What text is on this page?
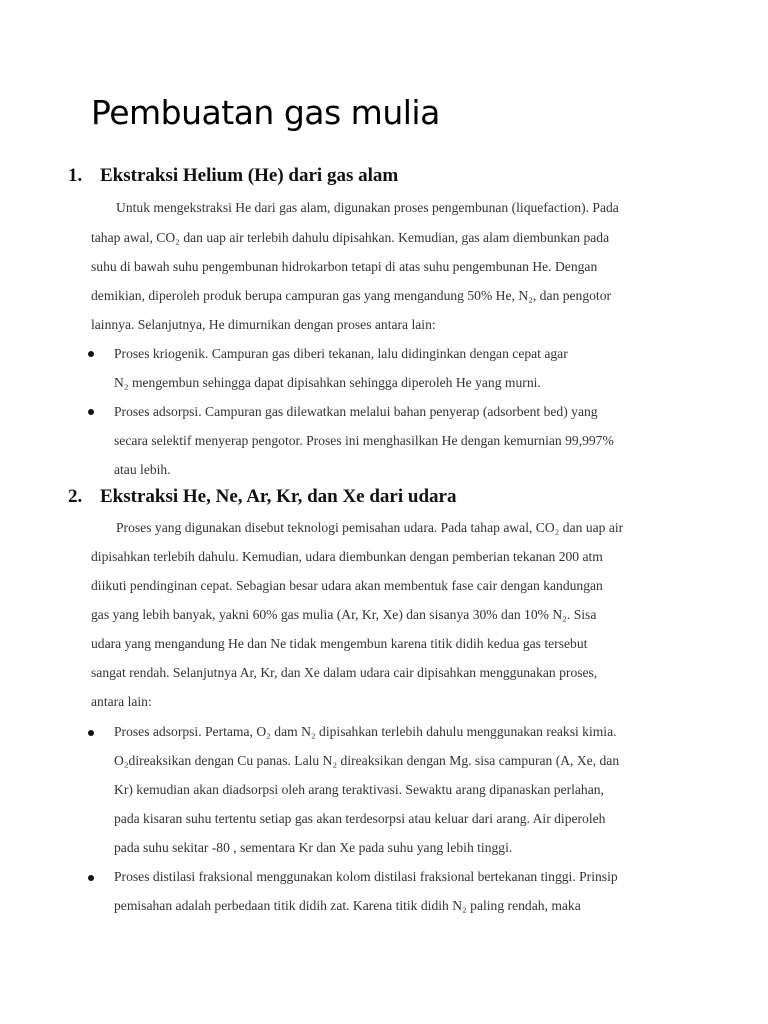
Pembuatan gas mulia
1. Ekstraksi Helium (He) dari gas alam
Untuk mengekstraksi He dari gas alam, digunakan proses pengembunan (liquefaction). Pada
tahap awal, CO₂ dan uap air terlebih dahulu dipisahkan. Kemudian, gas alam diembunkan pada
suhu di bawah suhu pengembunan hidrokarbon tetapi di atas suhu pengembunan He. Dengan
demikian, diperoleh produk berupa campuran gas yang mengandung 50% He, N₂, dan pengotor
lainnya. Selanjutnya, He dimurnikan dengan proses antara lain:
Proses kriogenik. Campuran gas diberi tekanan, lalu didinginkan dengan cepat agar
N₂ mengembun sehingga dapat dipisahkan sehingga diperoleh He yang murni.
Proses adsorpsi. Campuran gas dilewatkan melalui bahan penyerap (adsorbent bed) yang
secara selektif menyerap pengotor. Proses ini menghasilkan He dengan kemurnian 99,997%
atau lebih.
2. Ekstraksi He, Ne, Ar, Kr, dan Xe dari udara
Proses yang digunakan disebut teknologi pemisahan udara. Pada tahap awal, CO₂ dan uap air
dipisahkan terlebih dahulu. Kemudian, udara diembunkan dengan pemberian tekanan 200 atm
diikuti pendinginan cepat. Sebagian besar udara akan membentuk fase cair dengan kandungan
gas yang lebih banyak, yakni 60% gas mulia (Ar, Kr, Xe) dan sisanya 30% dan 10% N₂. Sisa
udara yang mengandung He dan Ne tidak mengembun karena titik didih kedua gas tersebut
sangat rendah. Selanjutnya Ar, Kr, dan Xe dalam udara cair dipisahkan menggunakan proses,
antara lain:
Proses adsorpsi. Pertama, O₂ dam N₂ dipisahkan terlebih dahulu menggunakan reaksi kimia.
O₂direaksikan dengan Cu panas. Lalu N₂ direaksikan dengan Mg. sisa campuran (A, Xe, dan
Kr) kemudian akan diadsorpsi oleh arang teraktivasi. Sewaktu arang dipanaskan perlahan,
pada kisaran suhu tertentu setiap gas akan terdesorpsi atau keluar dari arang. Air diperoleh
pada suhu sekitar -80 , sementara Kr dan Xe pada suhu yang lebih tinggi.
Proses distilasi fraksional menggunakan kolom distilasi fraksional bertekanan tinggi. Prinsip
pemisahan adalah perbedaan titik didih zat. Karena titik didih N₂ paling rendah, maka
